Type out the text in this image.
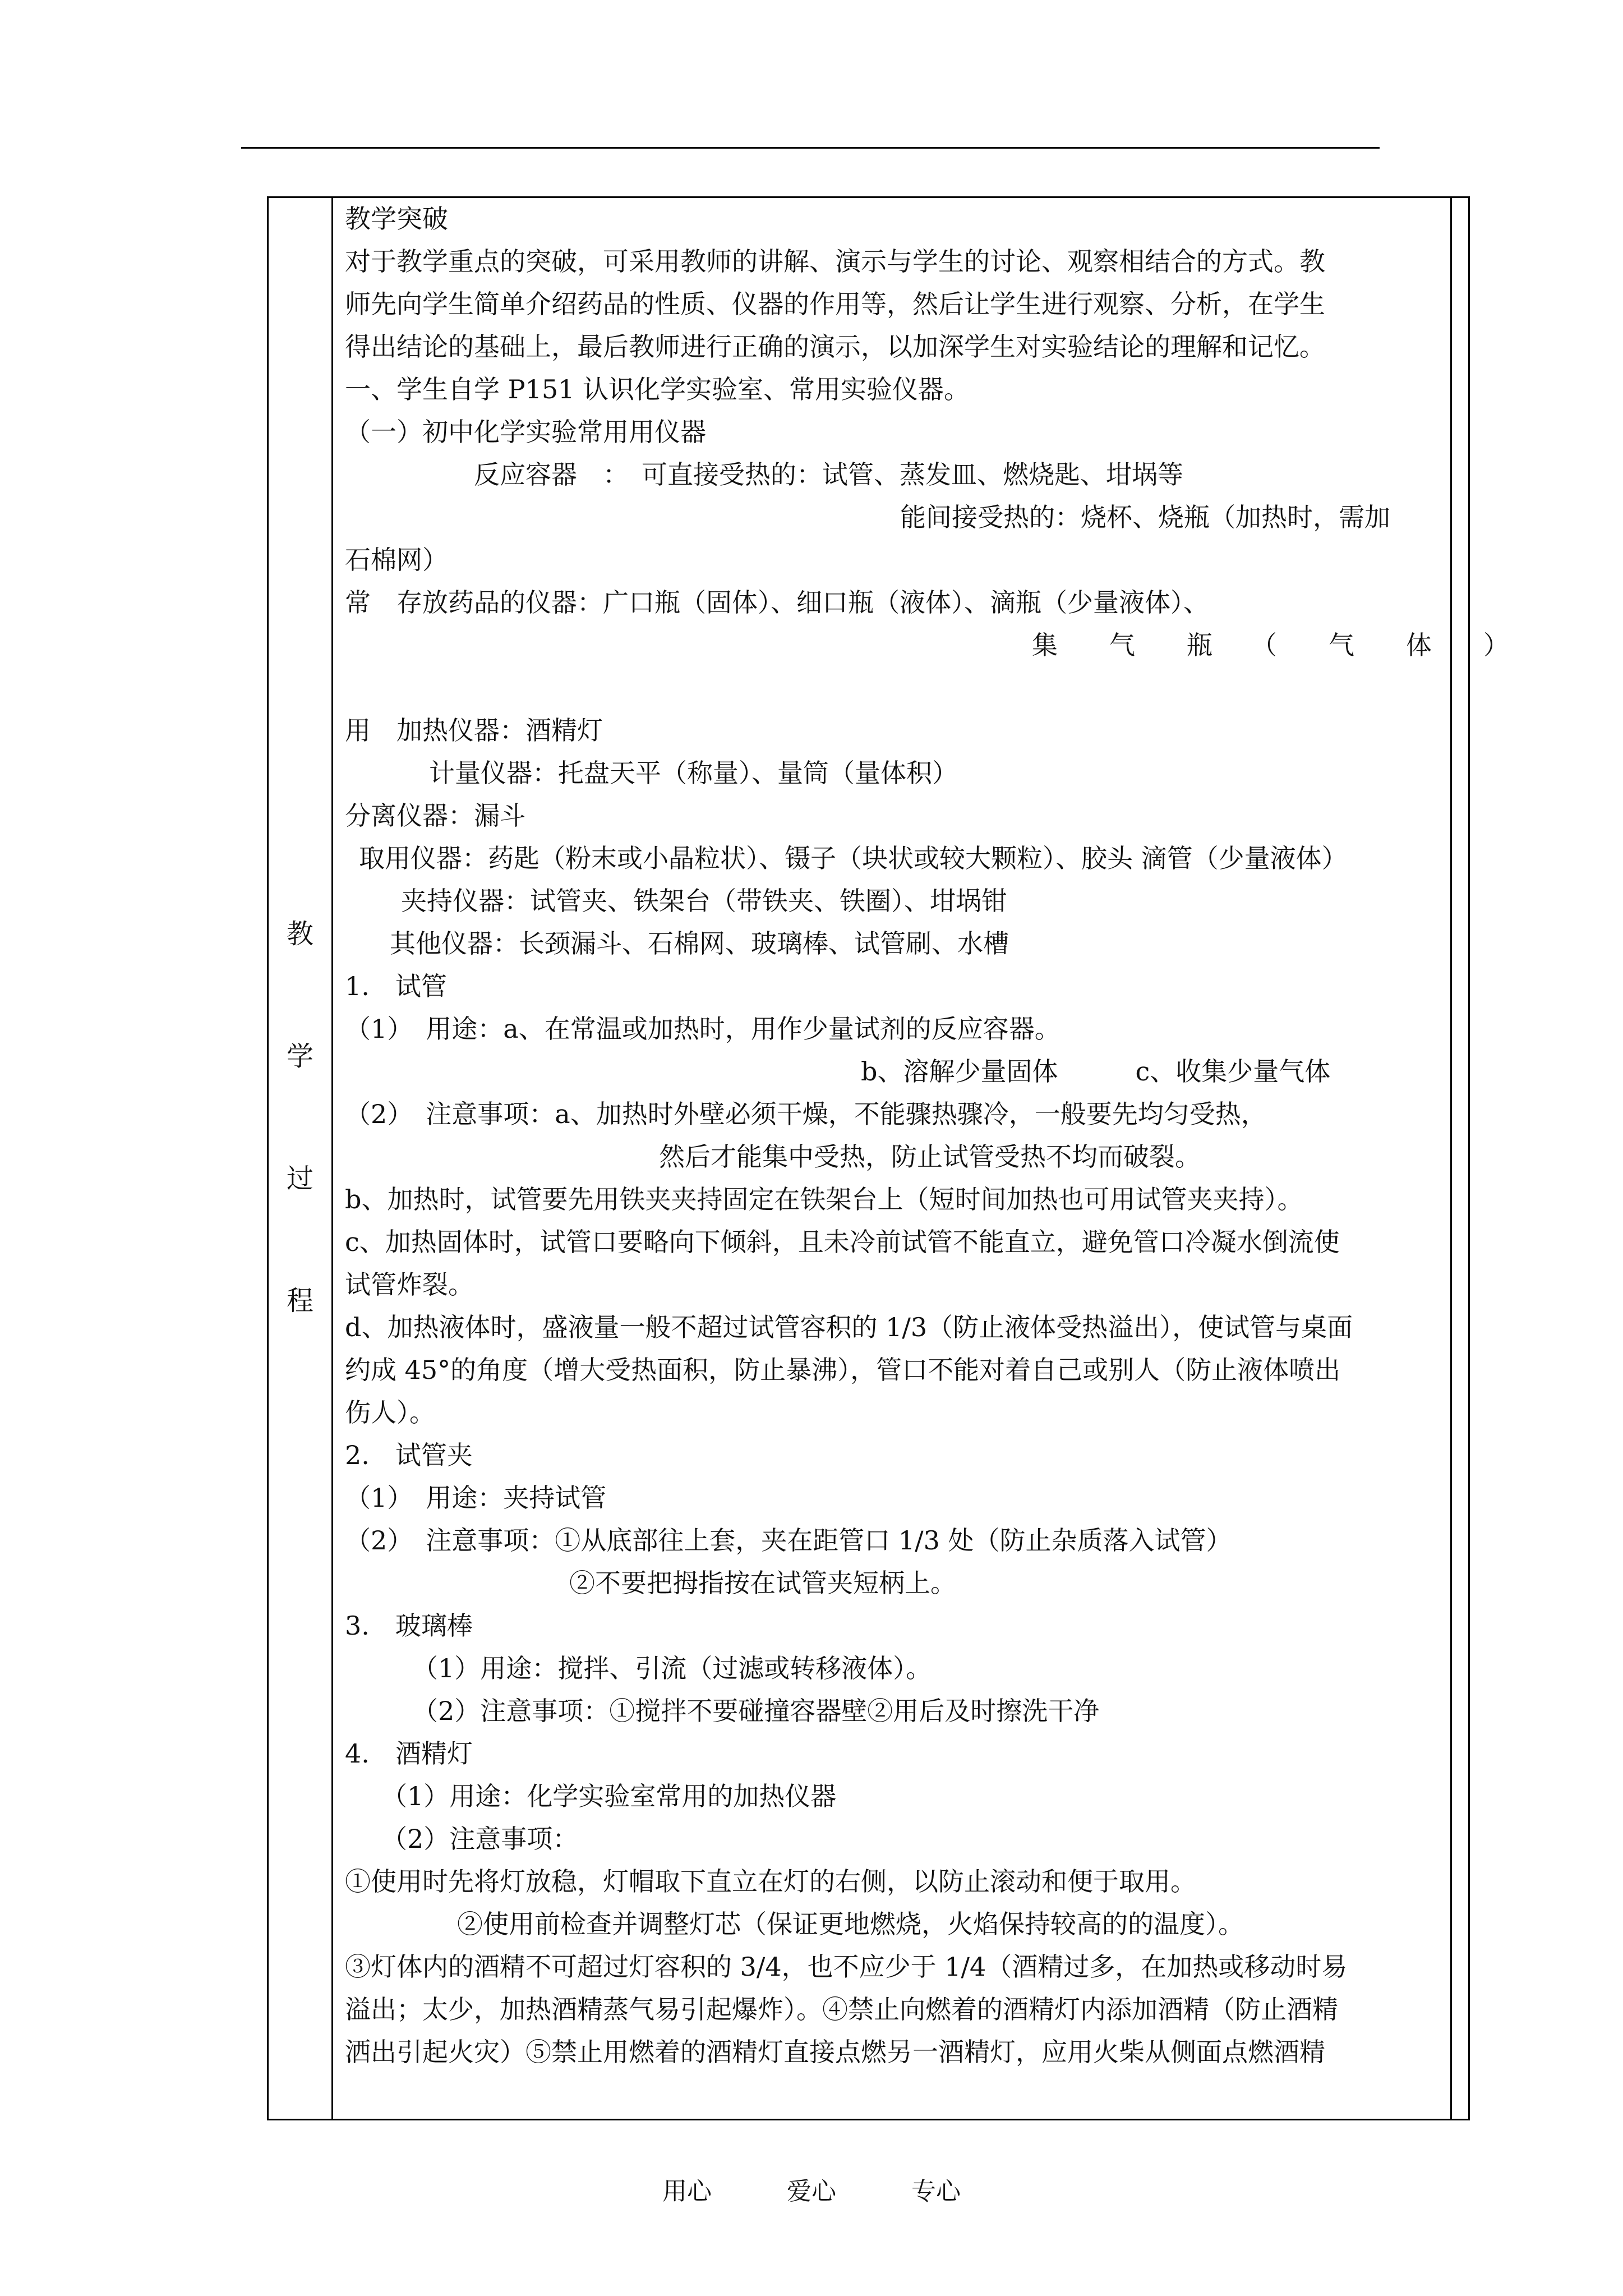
教
学
过
程
教学突破
对于教学重点的突破，可采用教师的讲解、演示与学生的讨论、观察相结合的方式。教
师先向学生简单介绍药品的性质、仪器的作用等，然后让学生进行观察、分析，在学生
得出结论的基础上，最后教师进行正确的演示，以加深学生对实验结论的理解和记忆。
一、学生自学 P151 认识化学实验室、常用实验仪器。
（一）初中化学实验常用用仪器
反应容器　：　可直接受热的：试管、蒸发皿、燃烧匙、坩埚等
能间接受热的：烧杯、烧瓶（加热时，需加
石棉网）
常　存放药品的仪器：广口瓶（固体）、细口瓶（液体）、滴瓶（少量液体）、
集　　气　　瓶　　（　　气　　体　　）
用　加热仪器：酒精灯
计量仪器：托盘天平（称量）、量筒（量体积）
分离仪器：漏斗
取用仪器：药匙（粉末或小晶粒状）、镊子（块状或较大颗粒）、胶头 滴管（少量液体）
夹持仪器：试管夹、铁架台（带铁夹、铁圈）、坩埚钳
其他仪器：长颈漏斗、石棉网、玻璃棒、试管刷、水槽
1.　试管
（1）　用途：a、在常温或加热时，用作少量试剂的反应容器。
b、溶解少量固体　　　c、收集少量气体
（2）　注意事项：a、加热时外壁必须干燥，不能骤热骤冷，一般要先均匀受热，
然后才能集中受热，防止试管受热不均而破裂。
b、加热时，试管要先用铁夹夹持固定在铁架台上（短时间加热也可用试管夹夹持）。
c、加热固体时，试管口要略向下倾斜，且未冷前试管不能直立，避免管口冷凝水倒流使
试管炸裂。
d、加热液体时，盛液量一般不超过试管容积的 1/3（防止液体受热溢出），使试管与桌面
约成 45°的角度（增大受热面积，防止暴沸），管口不能对着自己或别人（防止液体喷出
伤人）。
2.　试管夹
（1）　用途：夹持试管
（2）　注意事项：①从底部往上套，夹在距管口 1/3 处（防止杂质落入试管）
②不要把拇指按在试管夹短柄上。
3.　玻璃棒
（1）用途：搅拌、引流（过滤或转移液体）。
（2）注意事项：①搅拌不要碰撞容器壁②用后及时擦洗干净
4.　酒精灯
（1）用途：化学实验室常用的加热仪器
（2）注意事项：
①使用时先将灯放稳，灯帽取下直立在灯的右侧，以防止滚动和便于取用。
②使用前检查并调整灯芯（保证更地燃烧，火焰保持较高的的温度）。
③灯体内的酒精不可超过灯容积的 3/4，也不应少于 1/4（酒精过多，在加热或移动时易
溢出；太少，加热酒精蒸气易引起爆炸）。④禁止向燃着的酒精灯内添加酒精（防止酒精
洒出引起火灾）⑤禁止用燃着的酒精灯直接点燃另一酒精灯，应用火柴从侧面点燃酒精
用心	爱心	专心
